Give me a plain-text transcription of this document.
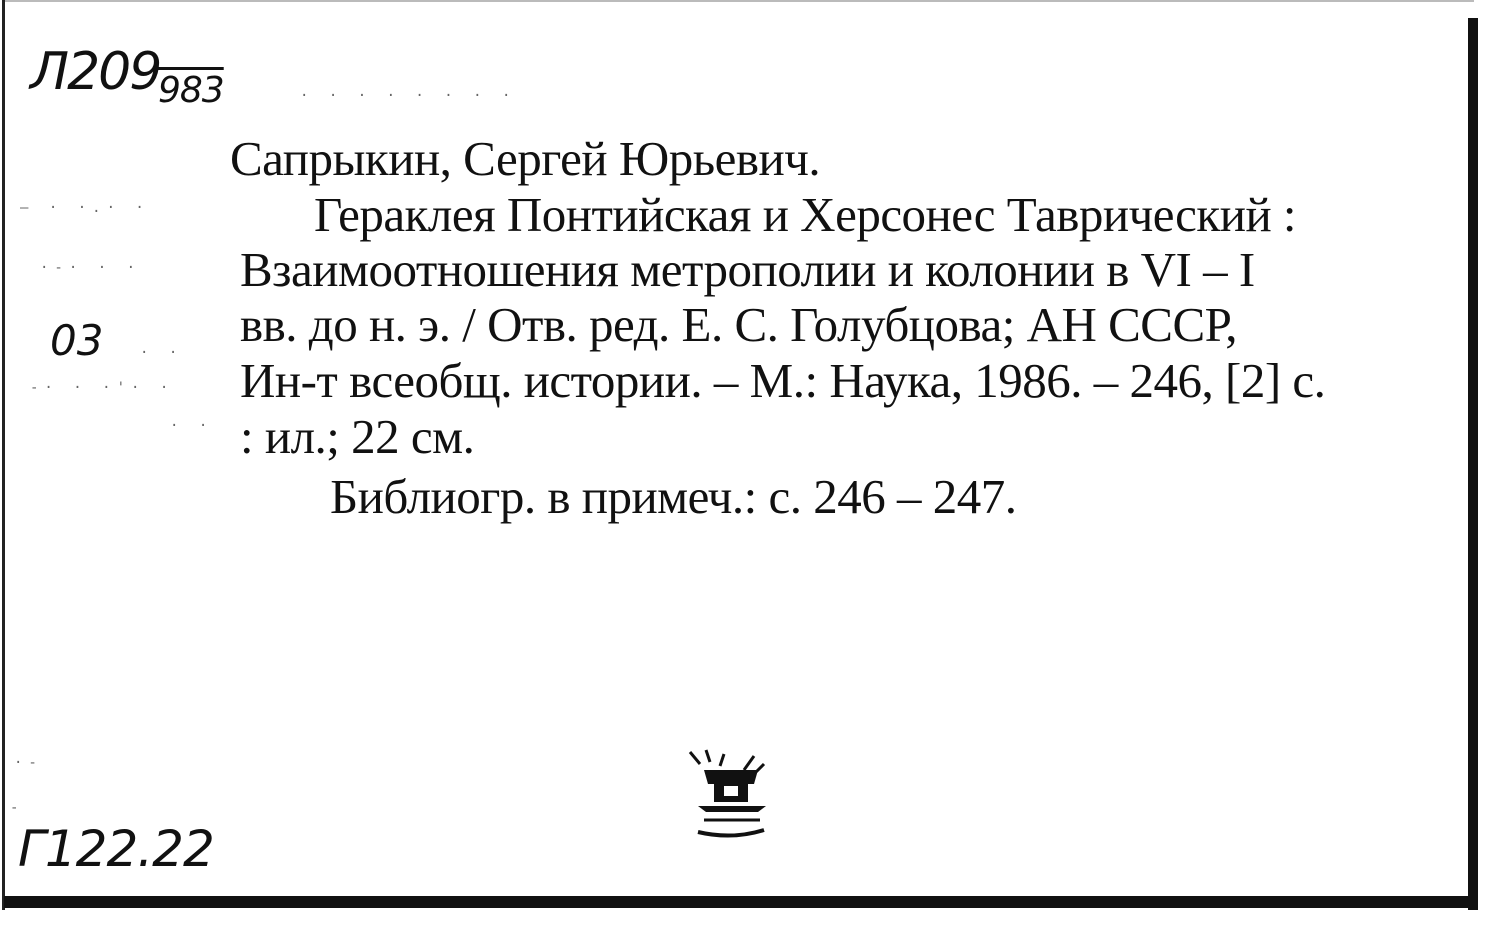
Л209
983
03
· · · · · · · ·
– · ·.· ·
·-· · ·
· ·
-· · ·'· ·
· ·
·-
-
Сапрыкин, Сергей Юрьевич.
Гераклея Понтийская и Херсонес Таврический :
Взаимоотношения метрополии и колонии в VI – I
вв. до н. э. / Отв. ред. Е. С. Голубцова; АН СССР,
Ин-т всеобщ. истории. – М.: Наука, 1986. – 246, [2] с.
: ил.; 22 см.
Библиогр. в примеч.: с. 246 – 247.
Г122.22
